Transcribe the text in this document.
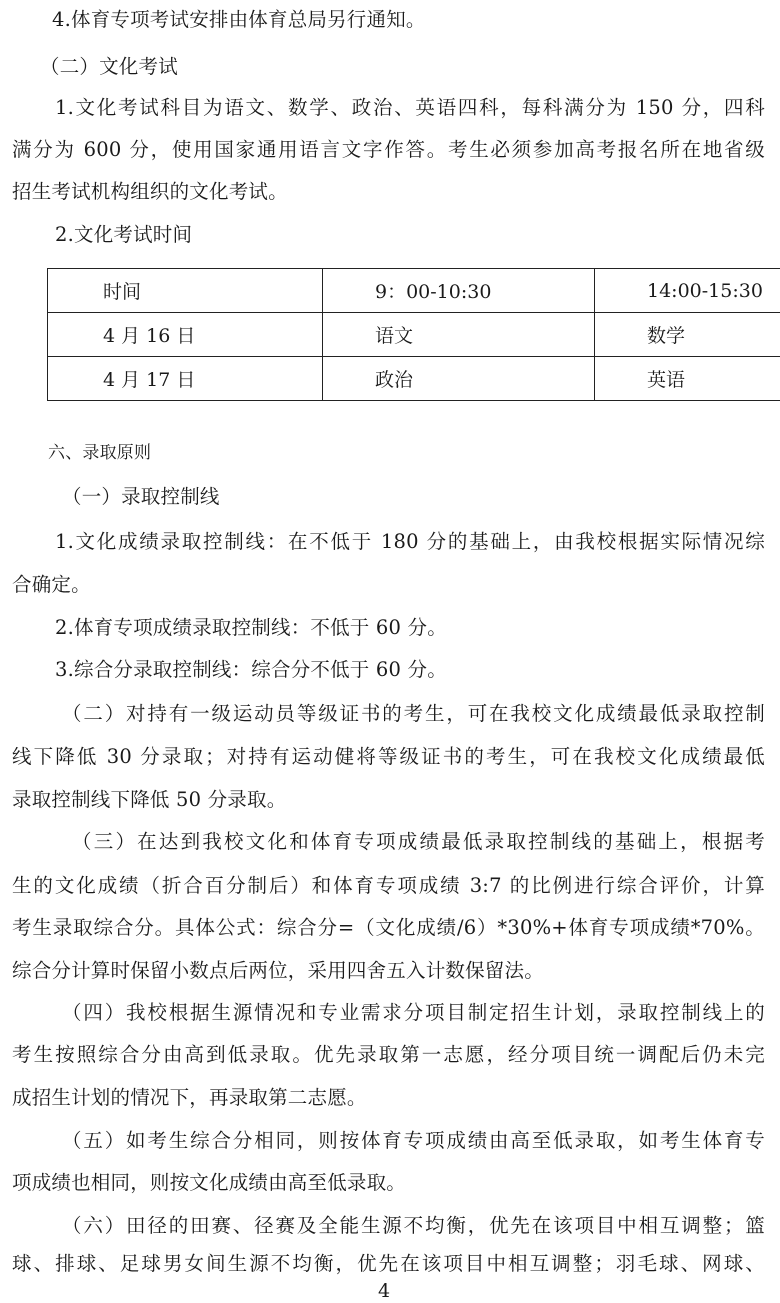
4.体育专项考试安排由体育总局另行通知。
（二）文化考试
1.文化考试科目为语文、数学、政治、英语四科，每科满分为 150 分，四科
满分为 600 分，使用国家通用语言文字作答。考生必须参加高考报名所在地省级
招生考试机构组织的文化考试。
2.文化考试时间
时间	9：00-10:30	14:00-15:30
4 月 16 日	语文	数学
4 月 17 日	政治	英语
六、录取原则
（一）录取控制线
1.文化成绩录取控制线：在不低于 180 分的基础上，由我校根据实际情况综
合确定。
2.体育专项成绩录取控制线：不低于 60 分。
3.综合分录取控制线：综合分不低于 60 分。
（二）对持有一级运动员等级证书的考生，可在我校文化成绩最低录取控制
线下降低 30 分录取；对持有运动健将等级证书的考生，可在我校文化成绩最低
录取控制线下降低 50 分录取。
（三）在达到我校文化和体育专项成绩最低录取控制线的基础上，根据考
生的文化成绩（折合百分制后）和体育专项成绩 3:7 的比例进行综合评价，计算
考生录取综合分。具体公式：综合分=（文化成绩/6）*30%+体育专项成绩*70%。
综合分计算时保留小数点后两位，采用四舍五入计数保留法。
（四）我校根据生源情况和专业需求分项目制定招生计划，录取控制线上的
考生按照综合分由高到低录取。优先录取第一志愿，经分项目统一调配后仍未完
成招生计划的情况下，再录取第二志愿。
（五）如考生综合分相同，则按体育专项成绩由高至低录取，如考生体育专
项成绩也相同，则按文化成绩由高至低录取。
（六）田径的田赛、径赛及全能生源不均衡，优先在该项目中相互调整；篮
球、排球、足球男女间生源不均衡，优先在该项目中相互调整；羽毛球、网球、
4
